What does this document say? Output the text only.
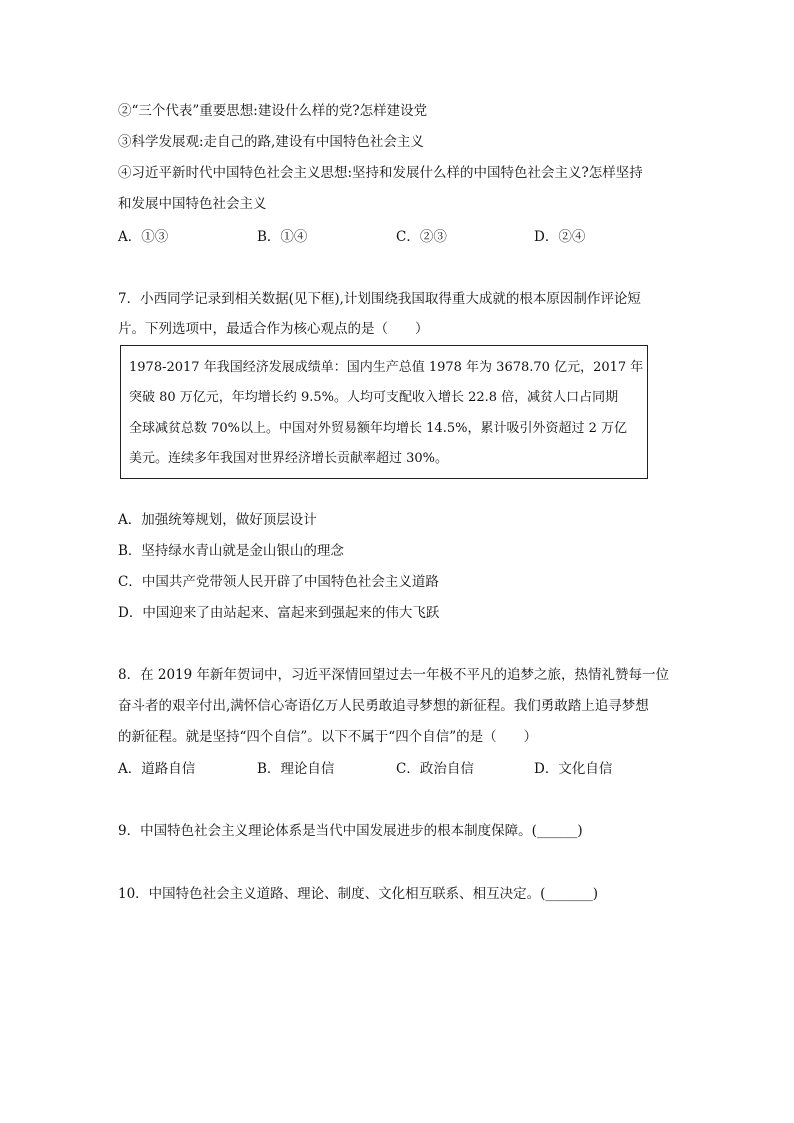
②“三个代表”重要思想:建设什么样的党?怎样建设党
③科学发展观:走自己的路,建设有中国特色社会主义
④习近平新时代中国特色社会主义思想:坚持和发展什么样的中国特色社会主义?怎样坚持
和发展中国特色社会主义
A．①③	B．①④	C．②③	D．②④
7．小西同学记录到相关数据(见下框),计划围绕我国取得重大成就的根本原因制作评论短
片。下列选项中，最适合作为核心观点的是（　　）
1978-2017 年我国经济发展成绩单：国内生产总值 1978 年为 3678.70 亿元，2017 年
突破 80 万亿元，年均增长约 9.5%。人均可支配收入增长 22.8 倍，减贫人口占同期
全球减贫总数 70%以上。中国对外贸易额年均增长 14.5%，累计吸引外资超过 2 万亿
美元。连续多年我国对世界经济增长贡献率超过 30%。
A．加强统筹规划，做好顶层设计
B．坚持绿水青山就是金山银山的理念
C．中国共产党带领人民开辟了中国特色社会主义道路
D．中国迎来了由站起来、富起来到强起来的伟大飞跃
8．在 2019 年新年贺词中，习近平深情回望过去一年极不平凡的追梦之旅，热情礼赞每一位
奋斗者的艰辛付出,满怀信心寄语亿万人民勇敢追寻梦想的新征程。我们勇敢踏上追寻梦想
的新征程。就是坚持“四个自信”。以下不属于“四个自信”的是（　　）
A．道路自信	B．理论自信	C．政治自信	D．文化自信
9．中国特色社会主义理论体系是当代中国发展进步的根本制度保障。(______)
10．中国特色社会主义道路、理论、制度、文化相互联系、相互决定。(_______)
